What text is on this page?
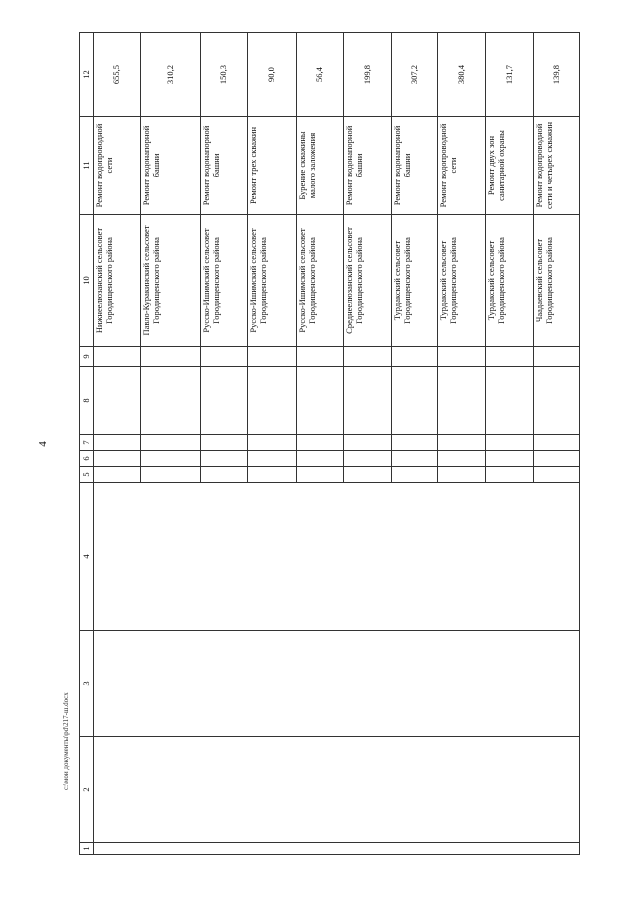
4
1	2	3	4	5	6	7	8	9	10	11	12
									Нижнеелюзанский сельсовет Городищенского района	Ремонт водопроводной сети	655,5
									Павло-Куракинский сельсовет Городищенского района	Ремонт водонапорной башни	310,2
									Русско-Ишимский сельсовет Городищенского района	Ремонт водонапорной башни	150,3
									Русско-Ишимский сельсовет Городищенского района	Ремонт трех скважин	90,0
									Русско-Ишимский сельсовет Городищенского района	Бурение скважины малого заложения	56,4
									Среднеелюзанский сельсовет Городищенского района	Ремонт водонапорной башни	199,8
									Турдакский сельсовет Городищенского района	Ремонт водонапорной башни	307,2
									Турдакский сельсовет Городищенского района	Ремонт водопроводной сети	380,4
									Турдакский сельсовет Городищенского района	Ремонт двух зон санитарной охраны	131,7
									Чаадаевский сельсовет Городищенского района	Ремонт водопроводной сети и четырех скважин	139,8
c:\мои документы\pd\217-ш.docx
